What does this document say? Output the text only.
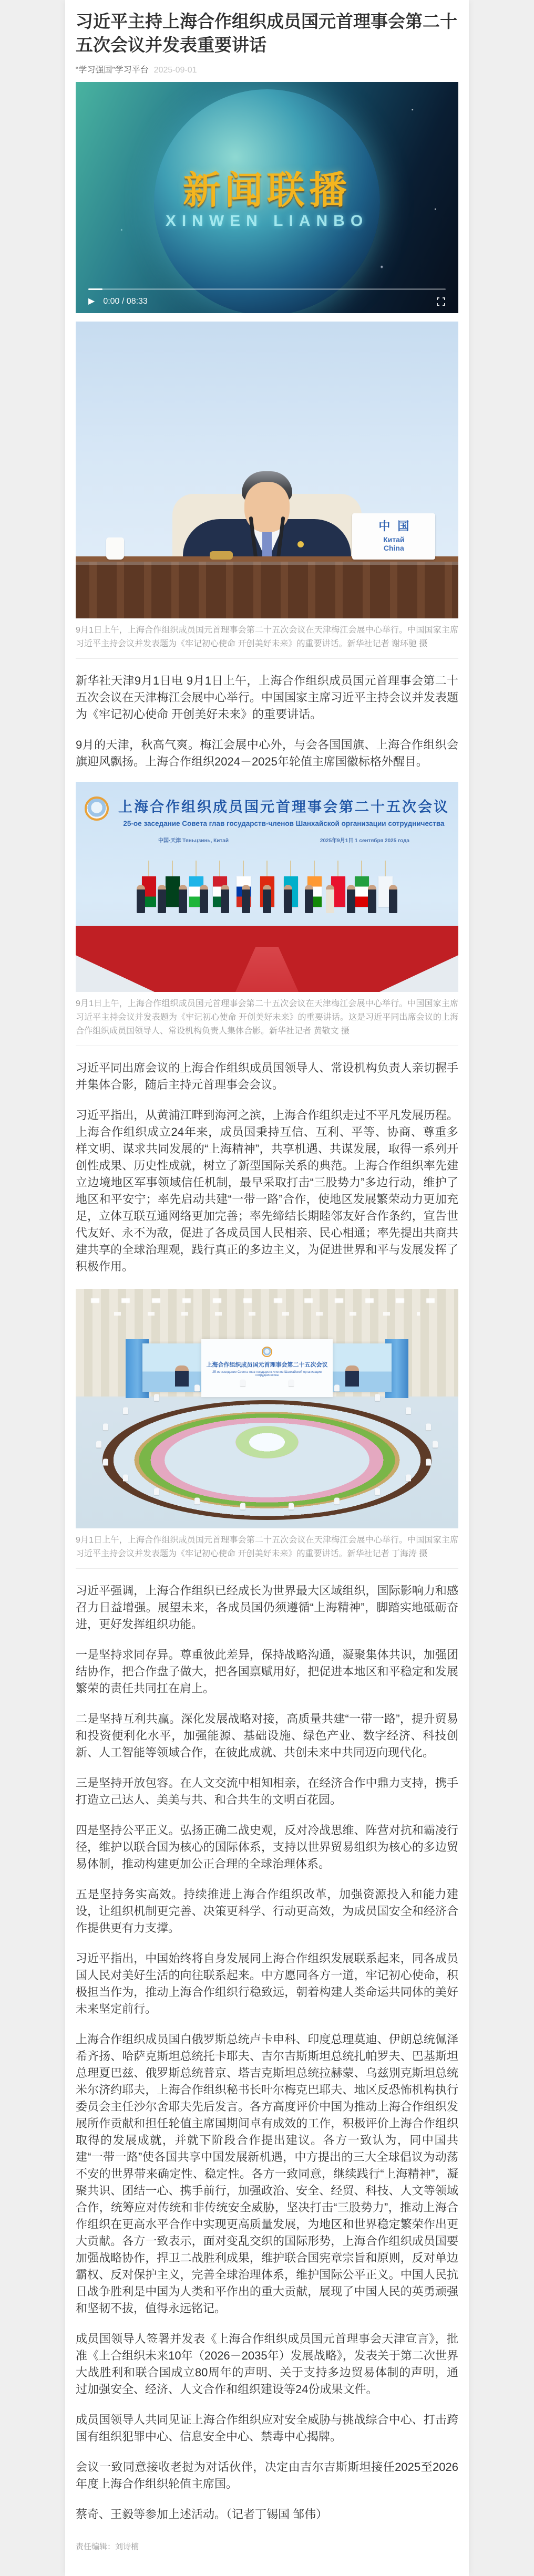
习近平主持上海合作组织成员国元首理事会第二十五次会议并发表重要讲话
“学习强国”学习平台 2025-09-01
新闻联播
XINWEN LIANBO
▶ 0:00 / 08:33
中国
Китай
China

9月1日上午，上海合作组织成员国元首理事会第二十五次会议在天津梅江会展中心举行。中国国家主席习近平主持会议并发表题为《牢记初心使命 开创美好未来》的重要讲话。新华社记者 谢环驰 摄

新华社天津9月1日电 9月1日上午，上海合作组织成员国元首理事会第二十五次会议在天津梅江会展中心举行。中国国家主席习近平主持会议并发表题为《牢记初心使命 开创美好未来》的重要讲话。

9月的天津，秋高气爽。梅江会展中心外，与会各国国旗、上海合作组织会旗迎风飘扬。上海合作组织2024－2025年轮值主席国徽标格外醒目。

上海合作组织成员国元首理事会第二十五次会议
25-ое заседание Совета глав государств-членов Шанхайской организации сотрудничества
中国·天津 Тяньцзинь, Китай	2025年9月1日 1 сентября 2025 года

9月1日上午，上海合作组织成员国元首理事会第二十五次会议在天津梅江会展中心举行。中国国家主席习近平主持会议并发表题为《牢记初心使命 开创美好未来》的重要讲话。这是习近平同出席会议的上海合作组织成员国领导人、常设机构负责人集体合影。新华社记者 黄敬文 摄

习近平同出席会议的上海合作组织成员国领导人、常设机构负责人亲切握手并集体合影，随后主持元首理事会会议。

习近平指出，从黄浦江畔到海河之滨，上海合作组织走过不平凡发展历程。上海合作组织成立24年来，成员国秉持互信、互利、平等、协商、尊重多样文明、谋求共同发展的“上海精神”，共享机遇、共谋发展，取得一系列开创性成果、历史性成就，树立了新型国际关系的典范。上海合作组织率先建立边境地区军事领域信任机制，最早采取打击“三股势力”多边行动，维护了地区和平安宁；率先启动共建“一带一路”合作，使地区发展繁荣动力更加充足，立体互联互通网络更加完善；率先缔结长期睦邻友好合作条约，宣告世代友好、永不为敌，促进了各成员国人民相亲、民心相通；率先提出共商共建共享的全球治理观，践行真正的多边主义，为促进世界和平与发展发挥了积极作用。

上海合作组织成员国元首理事会第二十五次会议
25-ое заседание Совета глав государств-членов Шанхайской организации сотрудничества

9月1日上午，上海合作组织成员国元首理事会第二十五次会议在天津梅江会展中心举行。中国国家主席习近平主持会议并发表题为《牢记初心使命 开创美好未来》的重要讲话。新华社记者 丁海涛 摄

习近平强调，上海合作组织已经成长为世界最大区域组织，国际影响力和感召力日益增强。展望未来，各成员国仍须遵循“上海精神”，脚踏实地砥砺奋进，更好发挥组织功能。

一是坚持求同存异。尊重彼此差异，保持战略沟通，凝聚集体共识，加强团结协作，把合作盘子做大，把各国禀赋用好，把促进本地区和平稳定和发展繁荣的责任共同扛在肩上。

二是坚持互利共赢。深化发展战略对接，高质量共建“一带一路”，提升贸易和投资便利化水平，加强能源、基础设施、绿色产业、数字经济、科技创新、人工智能等领域合作，在彼此成就、共创未来中共同迈向现代化。

三是坚持开放包容。在人文交流中相知相亲，在经济合作中鼎力支持，携手打造立己达人、美美与共、和合共生的文明百花园。

四是坚持公平正义。弘扬正确二战史观，反对冷战思维、阵营对抗和霸凌行径，维护以联合国为核心的国际体系，支持以世界贸易组织为核心的多边贸易体制，推动构建更加公正合理的全球治理体系。

五是坚持务实高效。持续推进上海合作组织改革，加强资源投入和能力建设，让组织机制更完善、决策更科学、行动更高效，为成员国安全和经济合作提供更有力支撑。

习近平指出，中国始终将自身发展同上海合作组织发展联系起来，同各成员国人民对美好生活的向往联系起来。中方愿同各方一道，牢记初心使命，积极担当作为，推动上海合作组织行稳致远，朝着构建人类命运共同体的美好未来坚定前行。

上海合作组织成员国白俄罗斯总统卢卡申科、印度总理莫迪、伊朗总统佩泽希齐扬、哈萨克斯坦总统托卡耶夫、吉尔吉斯斯坦总统扎帕罗夫、巴基斯坦总理夏巴兹、俄罗斯总统普京、塔吉克斯坦总统拉赫蒙、乌兹别克斯坦总统米尔济约耶夫，上海合作组织秘书长叶尔梅克巴耶夫、地区反恐怖机构执行委员会主任沙尔舍耶夫先后发言。各方高度评价中国为推动上海合作组织发展所作贡献和担任轮值主席国期间卓有成效的工作，积极评价上海合作组织取得的发展成就，并就下阶段合作提出建议。各方一致认为，同中国共建“一带一路”使各国共享中国发展新机遇，中方提出的三大全球倡议为动荡不安的世界带来确定性、稳定性。各方一致同意，继续践行“上海精神”，凝聚共识、团结一心、携手前行，加强政治、安全、经贸、科技、人文等领域合作，统筹应对传统和非传统安全威胁，坚决打击“三股势力”，推动上海合作组织在更高水平合作中实现更高质量发展，为地区和世界稳定繁荣作出更大贡献。各方一致表示，面对变乱交织的国际形势，上海合作组织成员国要加强战略协作，捍卫二战胜利成果，维护联合国宪章宗旨和原则，反对单边霸权、反对保护主义，完善全球治理体系，维护国际公平正义。中国人民抗日战争胜利是中国为人类和平作出的重大贡献，展现了中国人民的英勇顽强和坚韧不拔，值得永远铭记。

成员国领导人签署并发表《上海合作组织成员国元首理事会天津宣言》，批准《上合组织未来10年（2026－2035年）发展战略》，发表关于第二次世界大战胜利和联合国成立80周年的声明、关于支持多边贸易体制的声明，通过加强安全、经济、人文合作和组织建设等24份成果文件。

成员国领导人共同见证上海合作组织应对安全威胁与挑战综合中心、打击跨国有组织犯罪中心、信息安全中心、禁毒中心揭牌。

会议一致同意接收老挝为对话伙伴，决定由吉尔吉斯斯坦接任2025至2026年度上海合作组织轮值主席国。

蔡奇、王毅等参加上述活动。（记者丁锡国 邹伟）

责任编辑：刘诗楠
